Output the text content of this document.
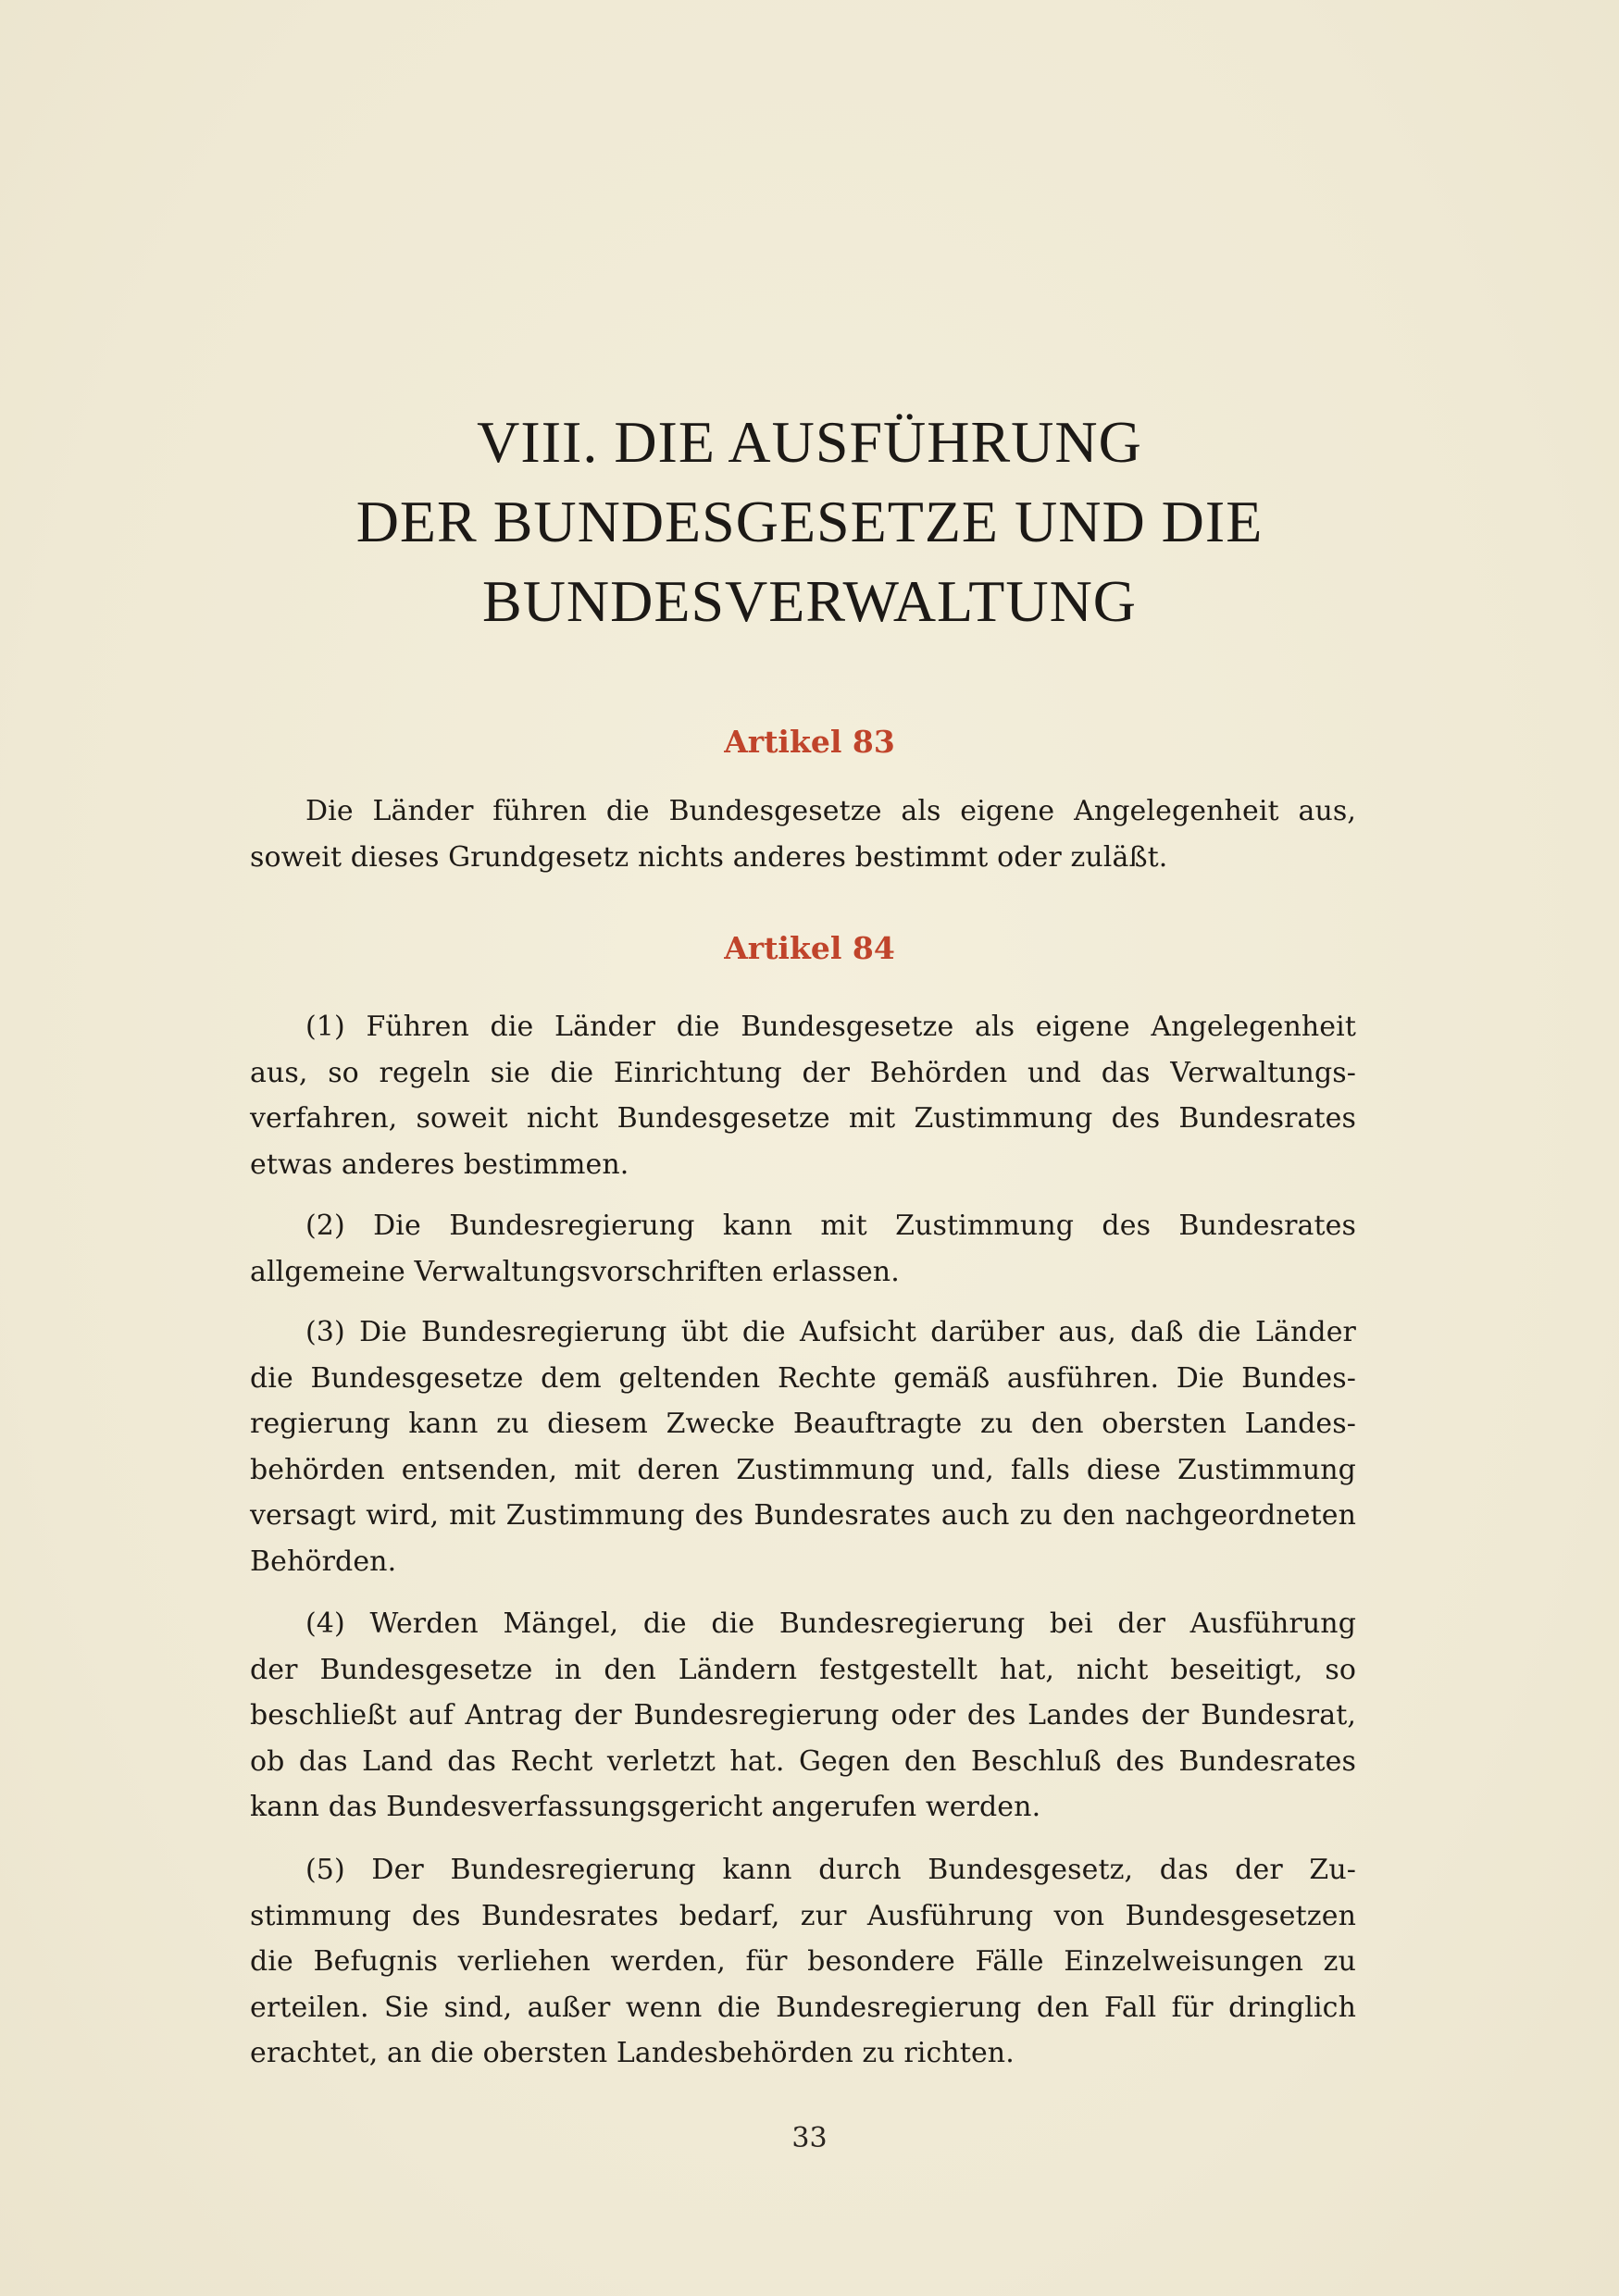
VIII. DIE AUSFÜHRUNG
DER BUNDESGESETZE UND DIE
BUNDESVERWALTUNG
Artikel 83
Die Länder führen die Bundesgesetze als eigene Angelegenheit aus,
soweit dieses Grundgesetz nichts anderes bestimmt oder zuläßt.
Artikel 84
(1) Führen die Länder die Bundesgesetze als eigene Angelegenheit
aus, so regeln sie die Einrichtung der Behörden und das Verwaltungs-
verfahren, soweit nicht Bundesgesetze mit Zustimmung des Bundesrates
etwas anderes bestimmen.
(2) Die Bundesregierung kann mit Zustimmung des Bundesrates
allgemeine Verwaltungsvorschriften erlassen.
(3) Die Bundesregierung übt die Aufsicht darüber aus, daß die Länder
die Bundesgesetze dem geltenden Rechte gemäß ausführen. Die Bundes-
regierung kann zu diesem Zwecke Beauftragte zu den obersten Landes-
behörden entsenden, mit deren Zustimmung und, falls diese Zustimmung
versagt wird, mit Zustimmung des Bundesrates auch zu den nachgeordneten
Behörden.
(4) Werden Mängel, die die Bundesregierung bei der Ausführung
der Bundesgesetze in den Ländern festgestellt hat, nicht beseitigt, so
beschließt auf Antrag der Bundesregierung oder des Landes der Bundesrat,
ob das Land das Recht verletzt hat. Gegen den Beschluß des Bundesrates
kann das Bundesverfassungsgericht angerufen werden.
(5) Der Bundesregierung kann durch Bundesgesetz, das der Zu-
stimmung des Bundesrates bedarf, zur Ausführung von Bundesgesetzen
die Befugnis verliehen werden, für besondere Fälle Einzelweisungen zu
erteilen. Sie sind, außer wenn die Bundesregierung den Fall für dringlich
erachtet, an die obersten Landesbehörden zu richten.
33
